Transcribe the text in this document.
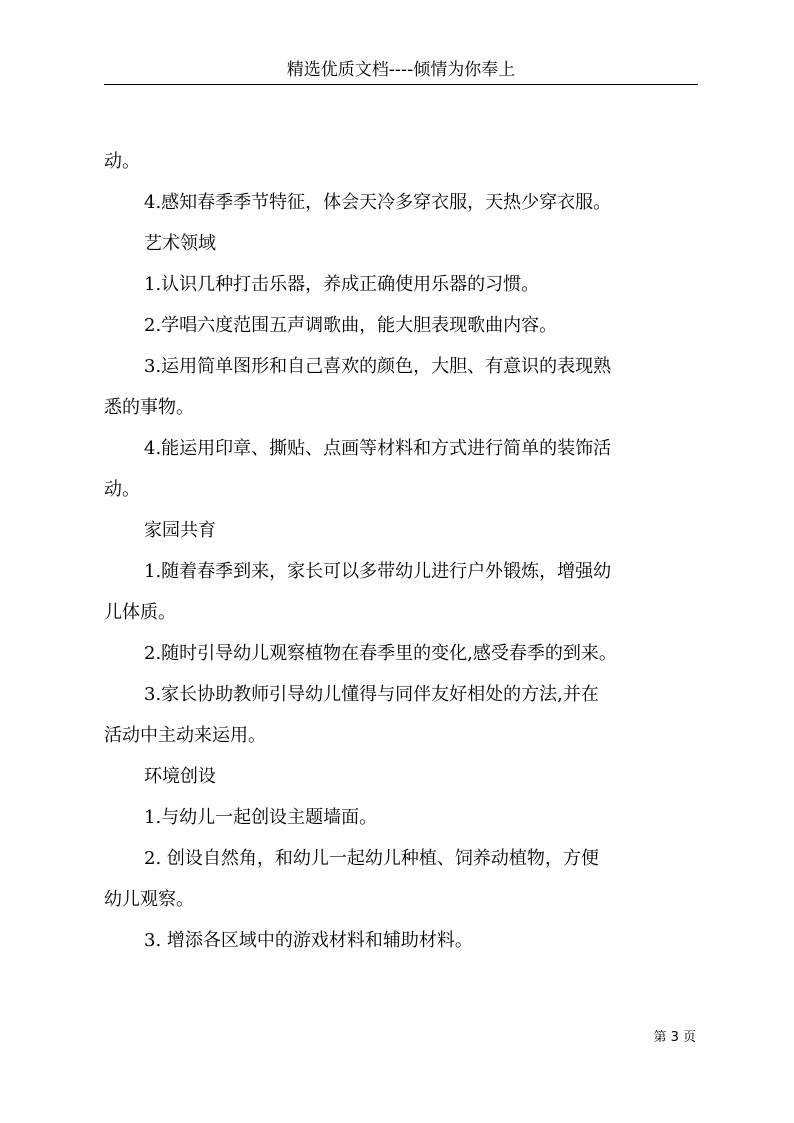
精选优质文档----倾情为你奉上

动。

4.感知春季季节特征，体会天冷多穿衣服，天热少穿衣服。

艺术领域

1.认识几种打击乐器，养成正确使用乐器的习惯。

2.学唱六度范围五声调歌曲，能大胆表现歌曲内容。

3.运用简单图形和自己喜欢的颜色，大胆、有意识的表现熟

悉的事物。

4.能运用印章、撕贴、点画等材料和方式进行简单的装饰活

动。

家园共育

1.随着春季到来，家长可以多带幼儿进行户外锻炼，增强幼

儿体质。

2.随时引导幼儿观察植物在春季里的变化,感受春季的到来。

3.家长协助教师引导幼儿懂得与同伴友好相处的方法,并在

活动中主动来运用。

环境创设

1.与幼儿一起创设主题墙面。

2. 创设自然角，和幼儿一起幼儿种植、饲养动植物，方便

幼儿观察。

3. 增添各区域中的游戏材料和辅助材料。

第 3 页
